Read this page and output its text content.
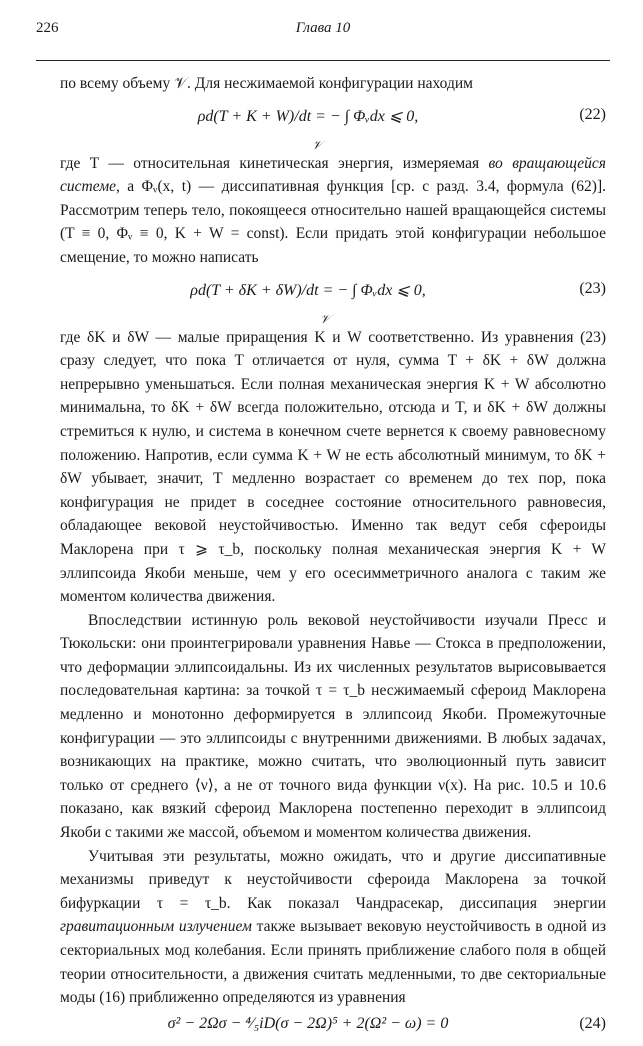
226	Глава 10

по всему объему 𝒱. Для несжимаемой конфигурации находим

ρd(T + K + W)/dt = − ∫ Φᵥdx ⩽ 0,
𝒱
(22)

где T — относительная кинетическая энергия, измеряемая во вращающейся системе, а Φᵥ(x, t) — диссипативная функция [ср. с разд. 3.4, формула (62)]. Рассмотрим теперь тело, покоящееся относительно нашей вращающейся системы (T ≡ 0, Φᵥ ≡ 0, K + W = const). Если придать этой конфигурации небольшое смещение, то можно написать

ρd(T + δK + δW)/dt = − ∫ Φᵥdx ⩽ 0,
𝒱
(23)

где δK и δW — малые приращения K и W соответственно. Из уравнения (23) сразу следует, что пока T отличается от нуля, сумма T + δK + δW должна непрерывно уменьшаться. Если полная механическая энергия K + W абсолютно минимальна, то δK + δW всегда положительно, отсюда и T, и δK + δW должны стремиться к нулю, и система в конечном счете вернется к своему равновесному положению. Напротив, если сумма K + W не есть абсолютный минимум, то δK + δW убывает, значит, T медленно возрастает со временем до тех пор, пока конфигурация не придет в соседнее состояние относительного равновесия, обладающее вековой неустойчивостью. Именно так ведут себя сфероиды Маклорена при τ ⩾ τ_b, поскольку полная механическая энергия K + W эллипсоида Якоби меньше, чем у его осесимметричного аналога с таким же моментом количества движения.

Впоследствии истинную роль вековой неустойчивости изучали Пресс и Тюкольски: они проинтегрировали уравнения Навье — Стокса в предположении, что деформации эллипсоидальны. Из их численных результатов вырисовывается последовательная картина: за точкой τ = τ_b несжимаемый сфероид Маклорена медленно и монотонно деформируется в эллипсоид Якоби. Промежуточные конфигурации — это эллипсоиды с внутренними движениями. В любых задачах, возникающих на практике, можно считать, что эволюционный путь зависит только от среднего ⟨ν⟩, а не от точного вида функции ν(x). На рис. 10.5 и 10.6 показано, как вязкий сфероид Маклорена постепенно переходит в эллипсоид Якоби с такими же массой, объемом и моментом количества движения.

Учитывая эти результаты, можно ожидать, что и другие диссипативные механизмы приведут к неустойчивости сфероида Маклорена за точкой бифуркации τ = τ_b. Как показал Чандрасекар, диссипация энергии гравитационным излучением также вызывает вековую неустойчивость в одной из секториальных мод колебания. Если принять приближение слабого поля в общей теории относительности, а движения считать медленными, то две секториальные моды (16) приближенно определяются из уравнения

σ² − 2Ωσ − ⁴⁄₅iD(σ − 2Ω)⁵ + 2(Ω² − ω) = 0	(24)
